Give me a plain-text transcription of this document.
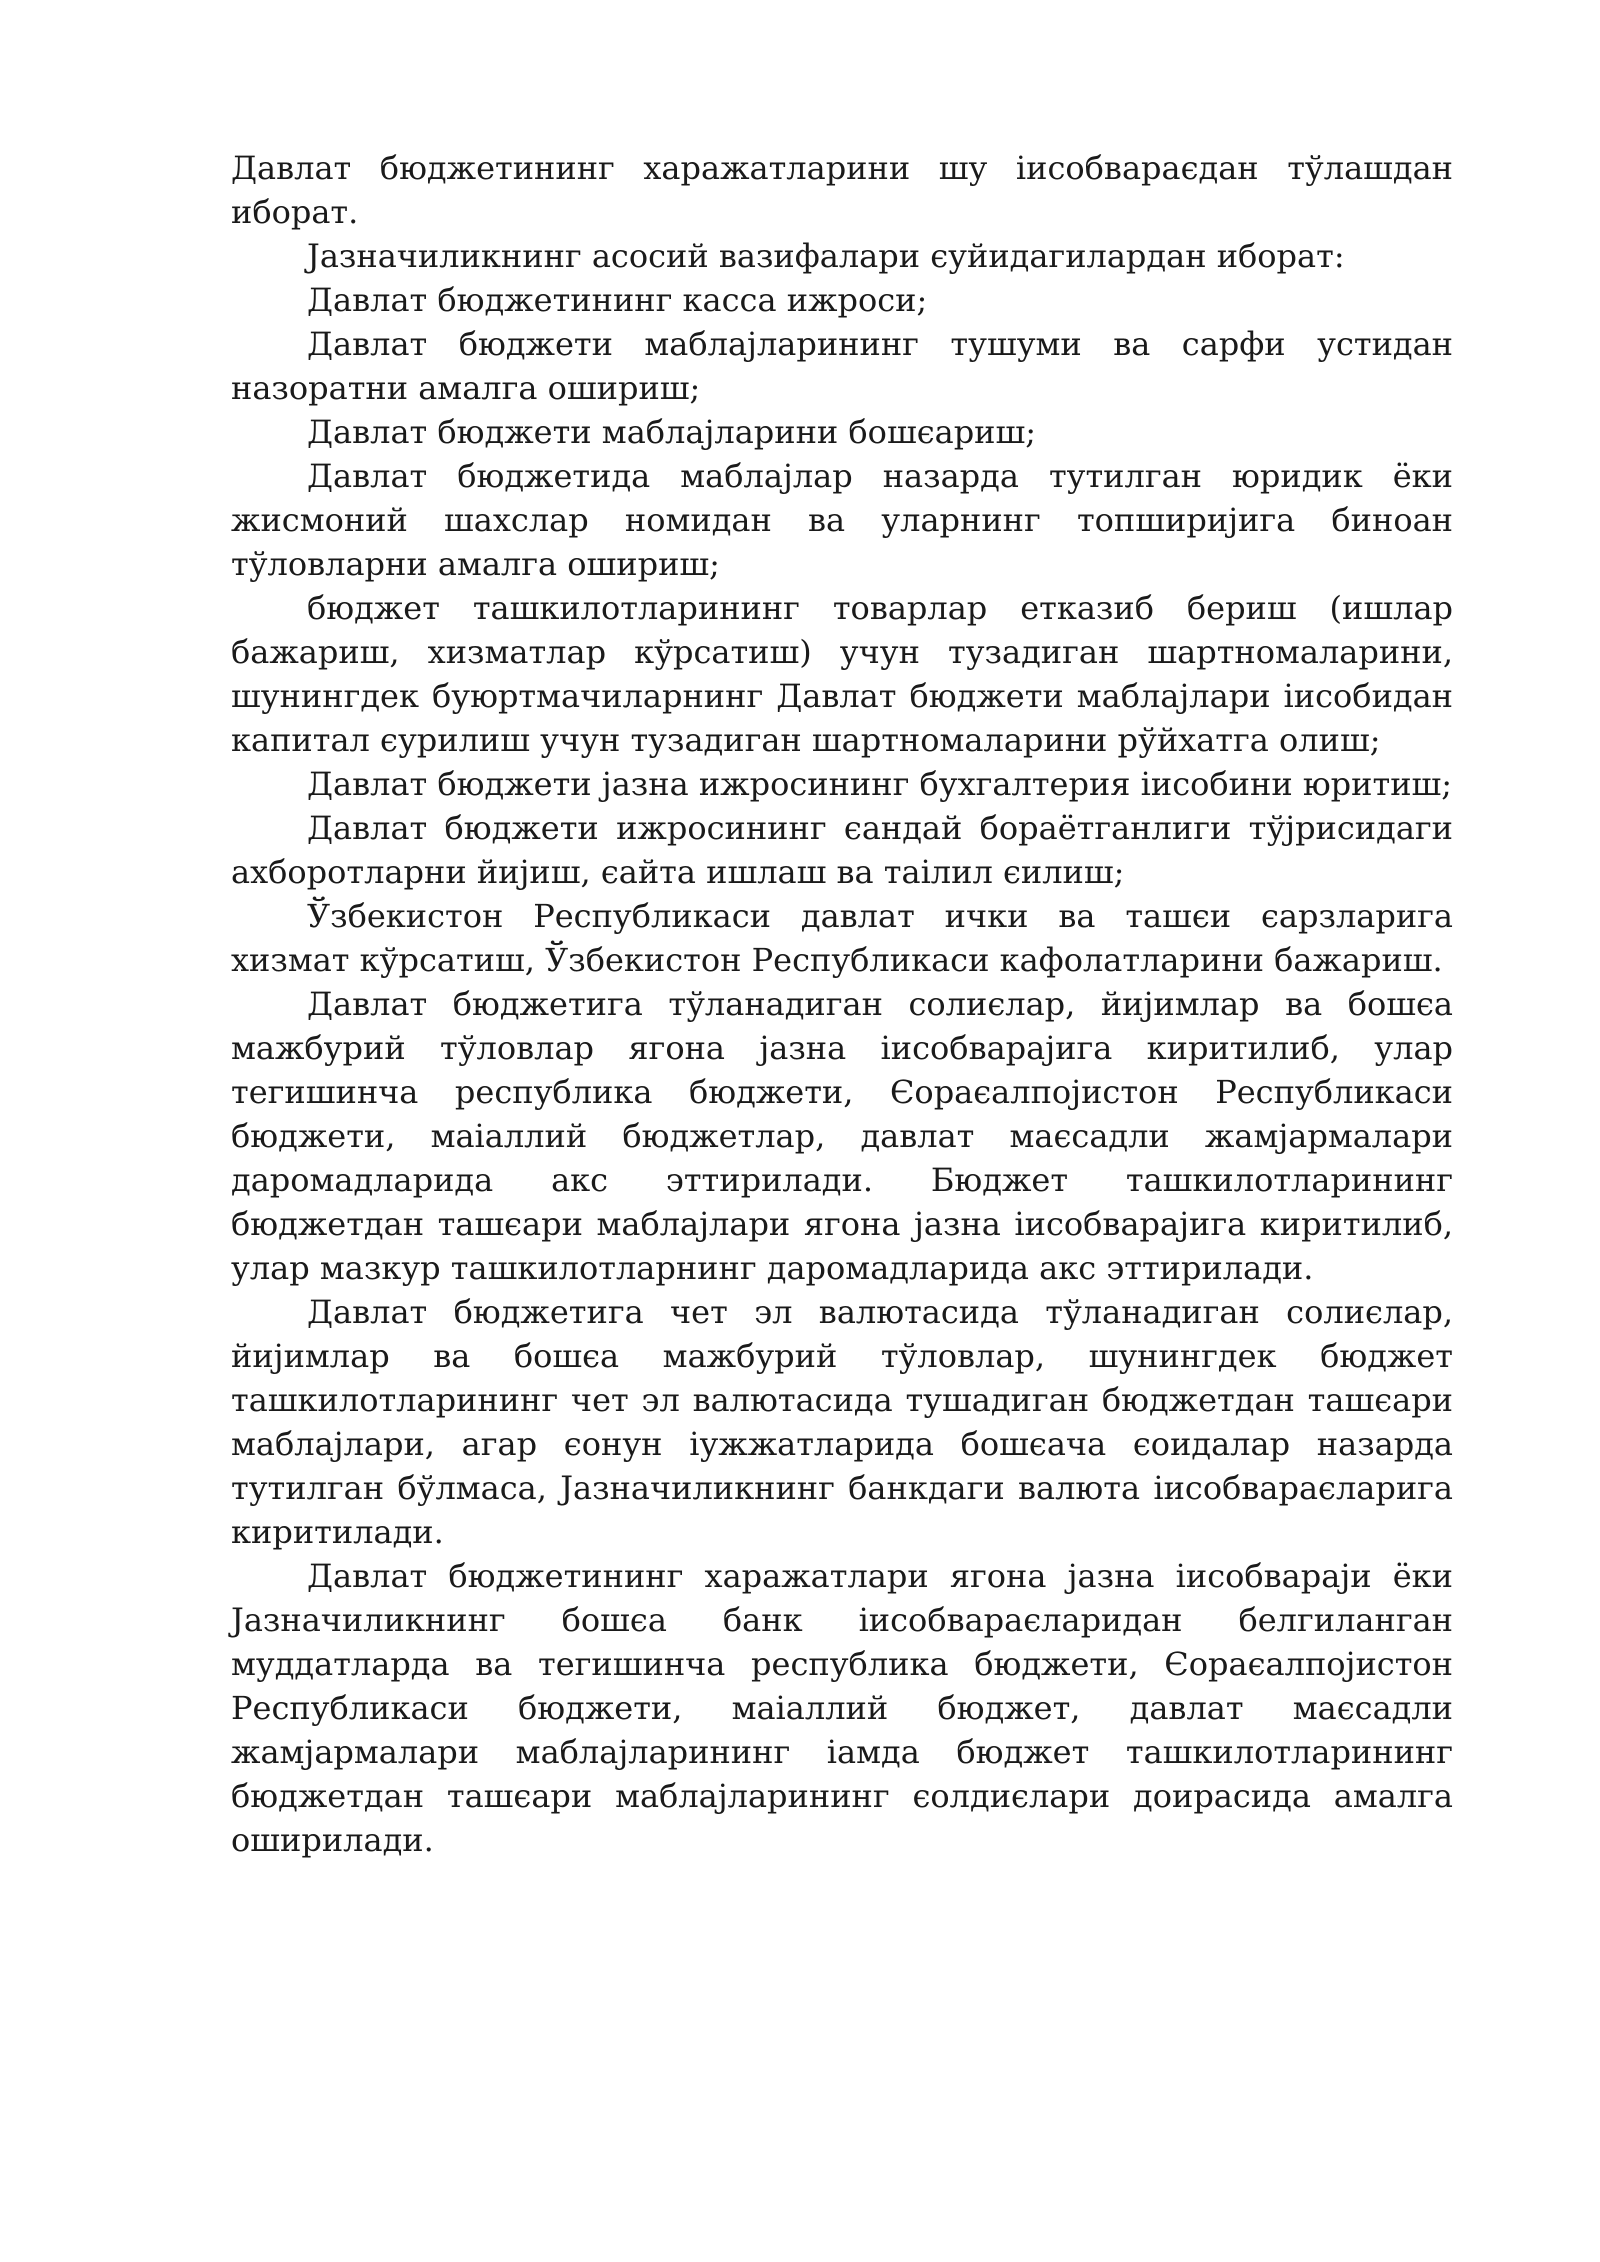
Давлат бюджетининг харажатларини шу іисобвараєдан тўлашдан иборат.

Јазначиликнинг асосий вазифалари єуйидагилардан иборат:

Давлат бюджетининг касса ижроси;

Давлат бюджети маблајларининг тушуми ва сарфи устидан назоратни амалга ошириш;

Давлат бюджети маблајларини бошєариш;

Давлат бюджетида маблајлар назарда тутилган юридик ёки жисмоний шахслар номидан ва уларнинг топшириjига биноан тўловларни амалга ошириш;

бюджет ташкилотларининг товарлар етказиб бериш (ишлар бажариш, хизматлар кўрсатиш) учун тузадиган шартномаларини, шунингдек буюртмачиларнинг Давлат бюджети маблаjлари іисобидан капитал єурилиш учун тузадиган шартномаларини рўйхатга олиш;

Давлат бюджети јазна ижросининг бухгалтерия іисобини юритиш;

Давлат бюджети ижросининг єандай бораётганлиги тўjрисидаги ахборотларни йиjиш, єайта ишлаш ва таілил єилиш;

Ўзбекистон Республикаси давлат ички ва ташєи єарзларига хизмат кўрсатиш, Ўзбекистон Республикаси кафолатларини бажариш.

Давлат бюджетига тўланадиган солиєлар, йиjимлар ва бошєа мажбурий тўловлар ягона јазна іисобвараjига киритилиб, улар тегишинча республика бюджети, Єораєалпоjистон Республикаси бюджети, маіаллий бюджетлар, давлат маєсадли жамjармалари даромадларида акс эттирилади. Бюджет ташкилотларининг бюджетдан ташєари маблаjлари ягона јазна іисобвараjига киритилиб, улар мазкур ташкилотларнинг даромадларида акс эттирилади.

Давлат бюджетига чет эл валютасида тўланадиган солиєлар, йиjимлар ва бошєа мажбурий тўловлар, шунингдек бюджет ташкилотларининг чет эл валютасида тушадиган бюджетдан ташєари маблаjлари, агар єонун іужжатларида бошєача єоидалар назарда тутилган бўлмаса, Јазначиликнинг банкдаги валюта іисобвараєларига киритилади.

Давлат бюджетининг харажатлари ягона јазна іисобвараjи ёки Јазначиликнинг бошєа банк іисобвараєларидан белгиланган муддатларда ва тегишинча республика бюджети, Єораєалпоjистон Республикаси бюджети, маіаллий бюджет, давлат маєсадли жамjармалари маблаjларининг іамда бюджет ташкилотларининг бюджетдан ташєари маблаjларининг єолдиєлари доирасида амалга оширилади.
